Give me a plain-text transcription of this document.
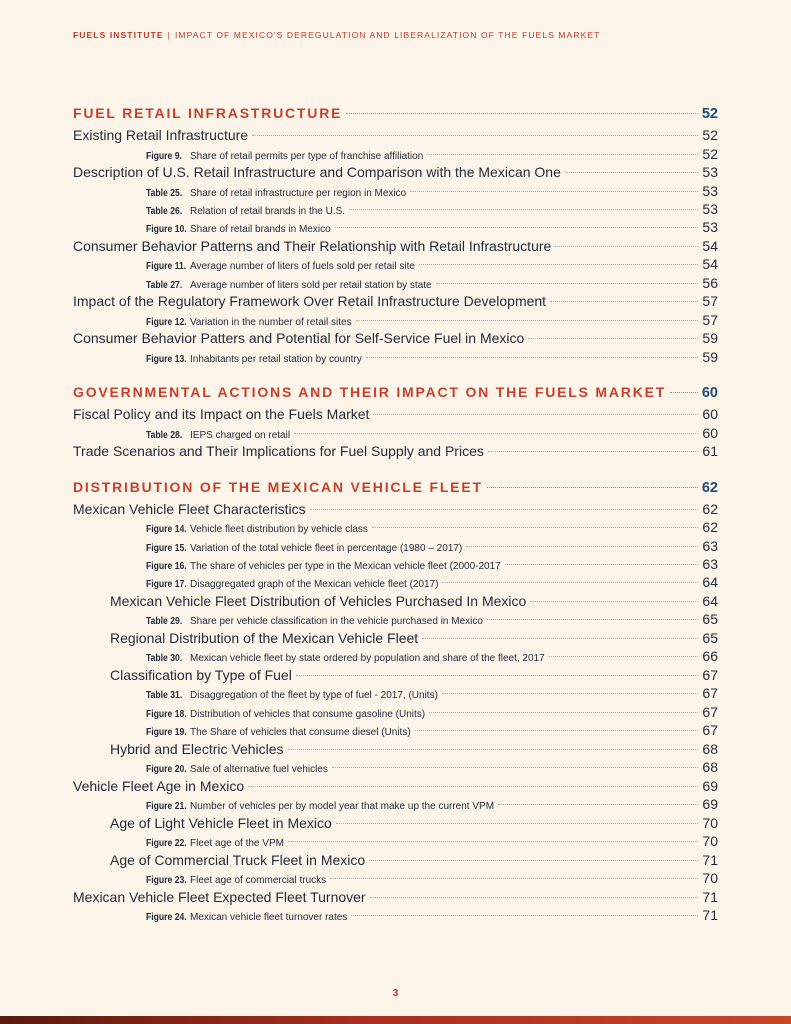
FUELS INSTITUTE | IMPACT OF MEXICO'S DEREGULATION AND LIBERALIZATION OF THE FUELS MARKET
FUEL RETAIL INFRASTRUCTURE	52
Existing Retail Infrastructure	52
Figure 9. Share of retail permits per type of franchise affiliation	52
Description of U.S. Retail Infrastructure and Comparison with the Mexican One	53
Table 25. Share of retail infrastructure per region in Mexico	53
Table 26. Relation of retail brands in the U.S.	53
Figure 10. Share of retail brands in Mexico	53
Consumer Behavior Patterns and Their Relationship with Retail Infrastructure	54
Figure 11. Average number of liters of fuels sold per retail site	54
Table 27. Average number of liters sold per retail station by state	56
Impact of the Regulatory Framework Over Retail Infrastructure Development	57
Figure 12. Variation in the number of retail sites	57
Consumer Behavior Patters and Potential for Self-Service Fuel in Mexico	59
Figure 13. Inhabitants per retail station by country	59
GOVERNMENTAL ACTIONS AND THEIR IMPACT ON THE FUELS MARKET 60
Fiscal Policy and its Impact on the Fuels Market	60
Table 28. IEPS charged on retail	60
Trade Scenarios and Their Implications for Fuel Supply and Prices	61
DISTRIBUTION OF THE MEXICAN VEHICLE FLEET	62
Mexican Vehicle Fleet Characteristics	62
Figure 14. Vehicle fleet distribution by vehicle class	62
Figure 15. Variation of the total vehicle fleet in percentage (1980 – 2017)	63
Figure 16. The share of vehicles per type in the Mexican vehicle fleet (2000-2017	63
Figure 17. Disaggregated graph of the Mexican vehicle fleet (2017)	64
Mexican Vehicle Fleet Distribution of Vehicles Purchased In Mexico	64
Table 29. Share per vehicle classification in the vehicle purchased in Mexico	65
Regional Distribution of the Mexican Vehicle Fleet	65
Table 30. Mexican vehicle fleet by state ordered by population and share of the fleet, 2017	66
Classification by Type of Fuel	67
Table 31. Disaggregation of the fleet by type of fuel - 2017, (Units)	67
Figure 18. Distribution of vehicles that consume gasoline (Units)	67
Figure 19. The Share of vehicles that consume diesel (Units)	67
Hybrid and Electric Vehicles	68
Figure 20. Sale of alternative fuel vehicles	68
Vehicle Fleet Age in Mexico	69
Figure 21. Number of vehicles per by model year that make up the current VPM	69
Age of Light Vehicle Fleet in Mexico	70
Figure 22. Fleet age of the VPM	70
Age of Commercial Truck Fleet in Mexico	71
Figure 23. Fleet age of commercial trucks	70
Mexican Vehicle Fleet Expected Fleet Turnover	71
Figure 24. Mexican vehicle fleet turnover rates	71
3
